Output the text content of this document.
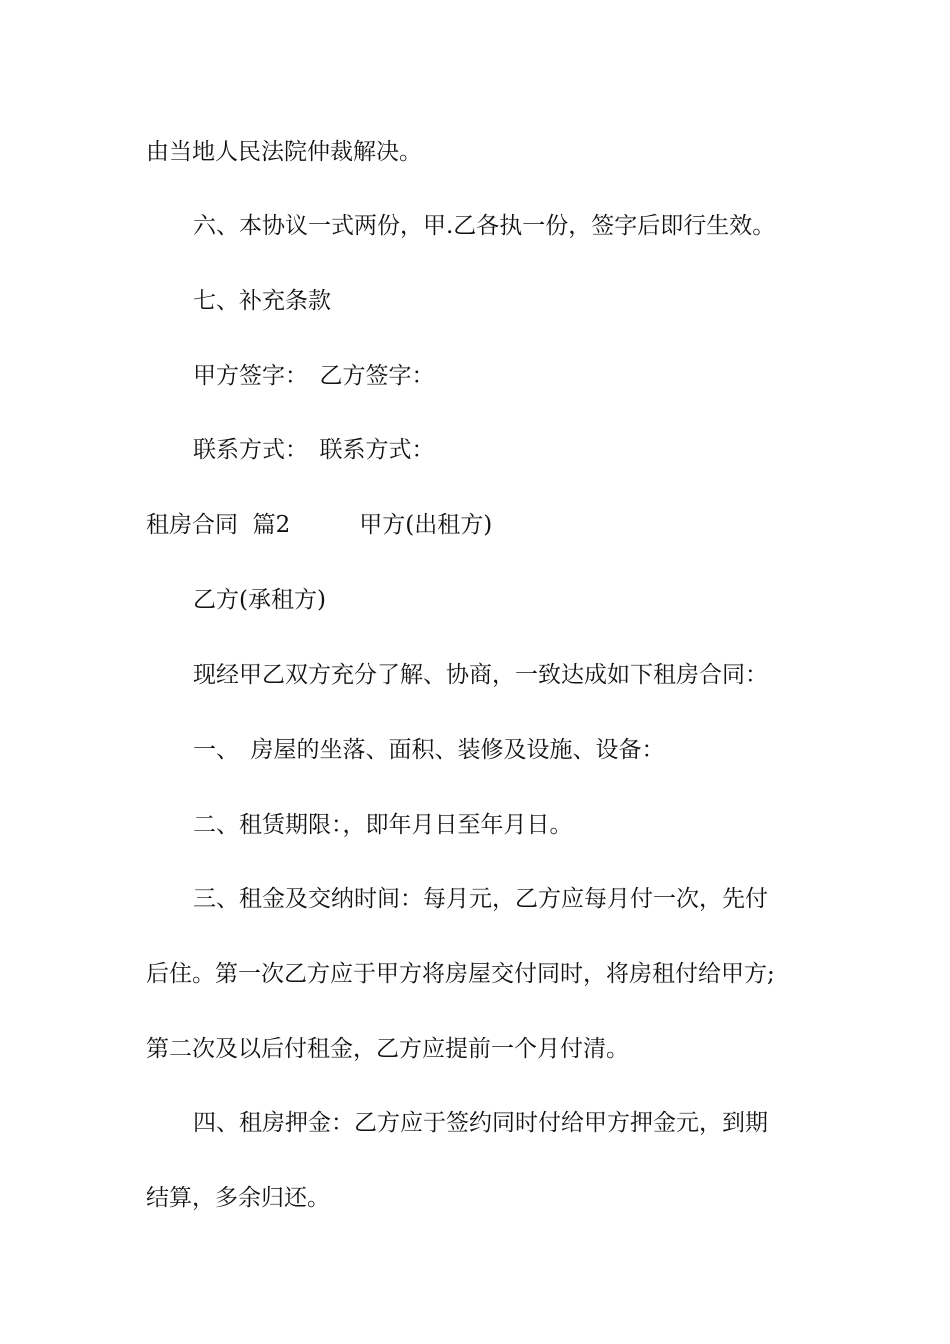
由当地人民法院仲裁解决。
六、本协议一式两份，甲.乙各执一份，签字后即行生效。
七、补充条款
甲方签字：　乙方签字：
联系方式：　联系方式：
租房合同  篇2　　　甲方(出租方)
乙方(承租方)
现经甲乙双方充分了解、协商，一致达成如下租房合同：
一、　房屋的坐落、面积、装修及设施、设备：
二、租赁期限：，即年月日至年月日。
三、租金及交纳时间：每月元，乙方应每月付一次，先付
后住。第一次乙方应于甲方将房屋交付同时，将房租付给甲方;
第二次及以后付租金，乙方应提前一个月付清。
四、租房押金：乙方应于签约同时付给甲方押金元，到期
结算，多余归还。
